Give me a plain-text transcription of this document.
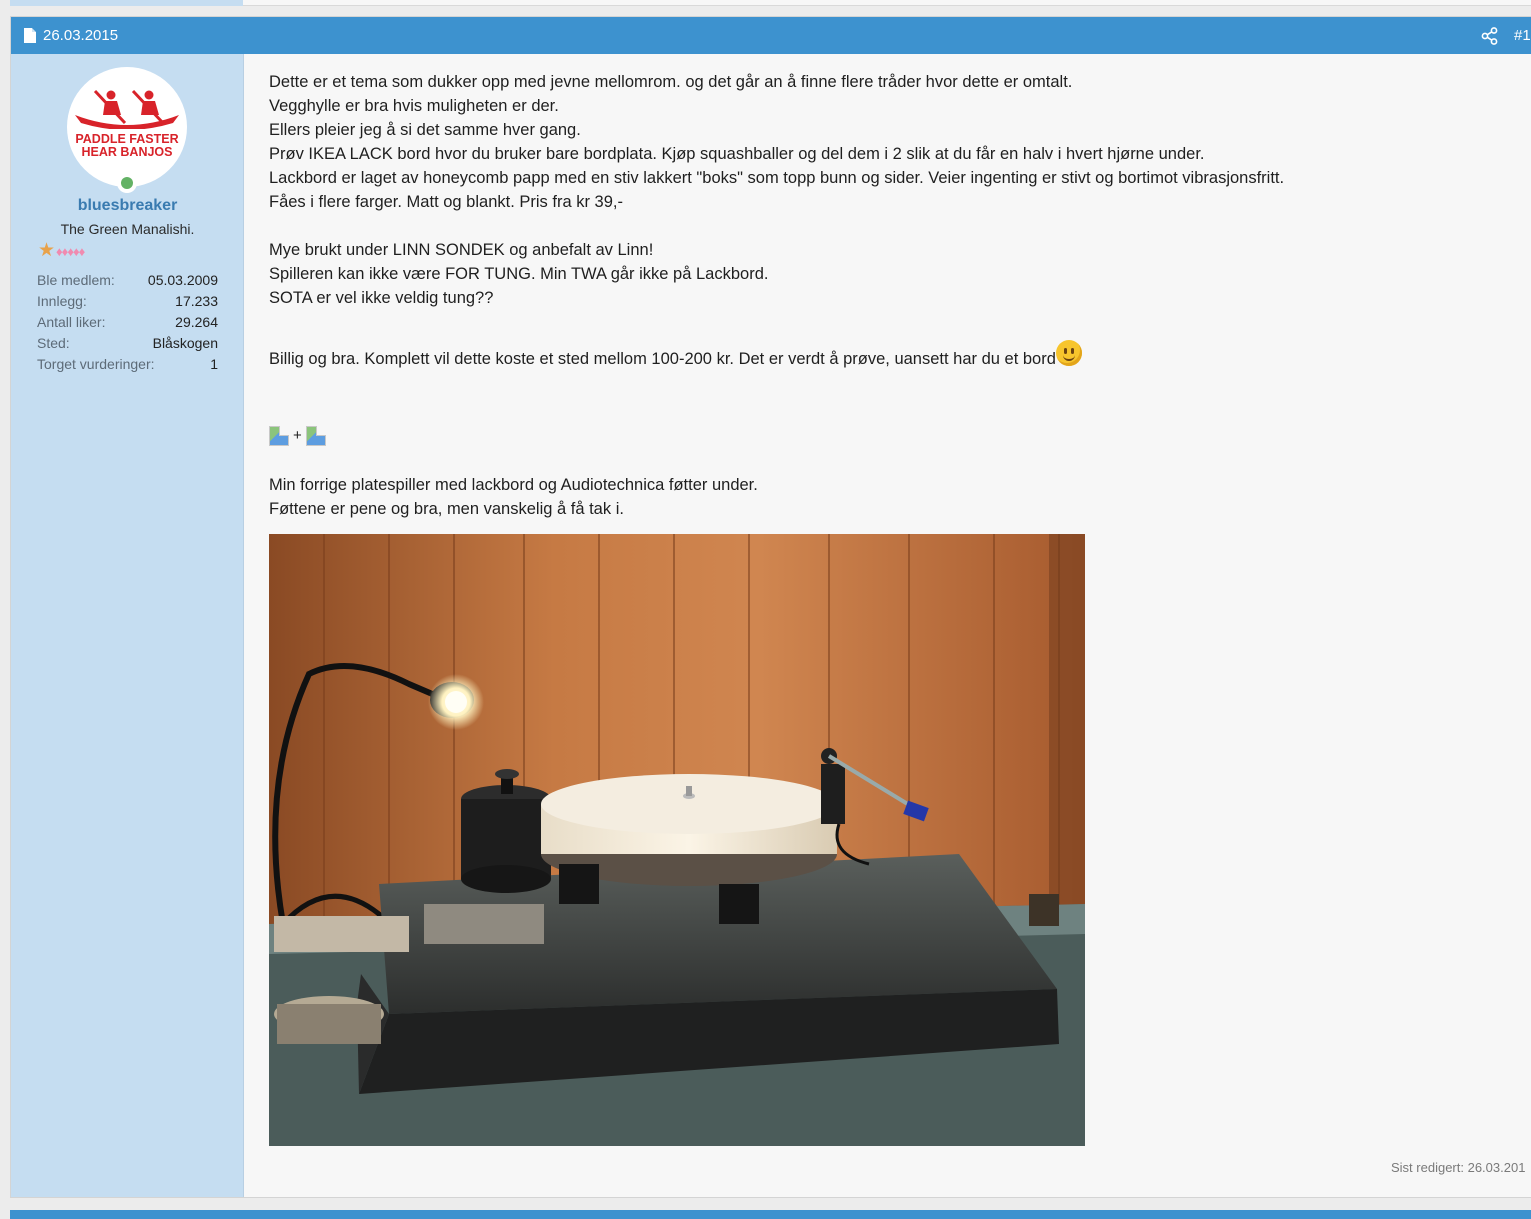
26.03.2015	#1
PADDLE FASTER
HEAR BANJOS
bluesbreaker
The Green Manalishi.
★ ♦♦♦♦♦
Ble medlem: 05.03.2009
Innlegg:	17.233
Antall liker:	29.264
Sted:	Blåskogen
Torget vurderinger:	1

Dette er et tema som dukker opp med jevne mellomrom. og det går an å finne flere tråder hvor dette er omtalt.

Vegghylle er bra hvis muligheten er der.

Ellers pleier jeg å si det samme hver gang.

Prøv IKEA LACK bord hvor du bruker bare bordplata. Kjøp squashballer og del dem i 2 slik at du får en halv i hvert hjørne under.

Lackbord er laget av honeycomb papp med en stiv lakkert "boks" som topp bunn og sider. Veier ingenting er stivt og bortimot vibrasjonsfritt.

Fåes i flere farger. Matt og blankt. Pris fra kr 39,-

Mye brukt under LINN SONDEK og anbefalt av Linn!

Spilleren kan ikke være FOR TUNG. Min TWA går ikke på Lackbord.

SOTA er vel ikke veldig tung??

Billig og bra. Komplett vil dette koste et sted mellom 100-200 kr. Det er verdt å prøve, uansett har du et bord

+

Min forrige platespiller med lackbord og Audiotechnica føtter under.

Føttene er pene og bra, men vanskelig å få tak i.

Sist redigert: 26.03.201
